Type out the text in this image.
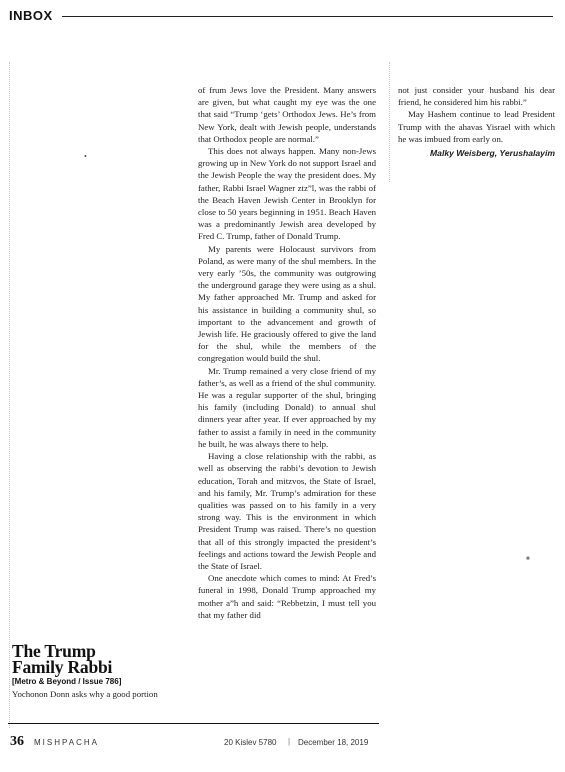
INBOX
•
■

of frum Jews love the President. Many answers are given, but what caught my eye was the one that said “Trump ‘gets’ Orthodox Jews. He’s from New York, dealt with Jewish people, understands that Orthodox people are normal.”

This does not always happen. Many non-Jews growing up in New York do not support Israel and the Jewish People the way the president does. My father, Rabbi Israel Wagner ztz”l, was the rabbi of the Beach Haven Jewish Center in Brooklyn for close to 50 years beginning in 1951. Beach Haven was a predominantly Jewish area developed by Fred C. Trump, father of Donald Trump.

My parents were Holocaust survivors from Poland, as were many of the shul members. In the very early ’50s, the community was outgrowing the underground garage they were using as a shul. My father approached Mr. Trump and asked for his assistance in building a community shul, so important to the advancement and growth of Jewish life. He graciously offered to give the land for the shul, while the members of the congregation would build the shul.

Mr. Trump remained a very close friend of my father’s, as well as a friend of the shul community. He was a regular supporter of the shul, bringing his family (including Donald) to annual shul dinners year after year. If ever approached by my father to assist a family in need in the community he built, he was always there to help.

Having a close relationship with the rabbi, as well as observing the rabbi’s devotion to Jewish education, Torah and mitzvos, the State of Israel, and his family, Mr. Trump’s admiration for these qualities was passed on to his family in a very strong way. This is the environment in which President Trump was raised. There’s no question that all of this strongly impacted the president’s feelings and actions toward the Jewish People and the State of Israel.

One anecdote which comes to mind: At Fred’s funeral in 1998, Donald Trump approached my mother a”h and said: “Rebbetzin, I must tell you that my father did

not just consider your husband his dear friend, he considered him his rabbi.”

May Hashem continue to lead President Trump with the ahavas Yisrael with which he was imbued from early on.

Malky Weisberg, Yerushalayim
The Trump
Family Rabbi
[Metro & Beyond / Issue 786]
Yochonon Donn asks why a good portion
36 MISHPACHA	20 Kislev 5780 | December 18, 2019
